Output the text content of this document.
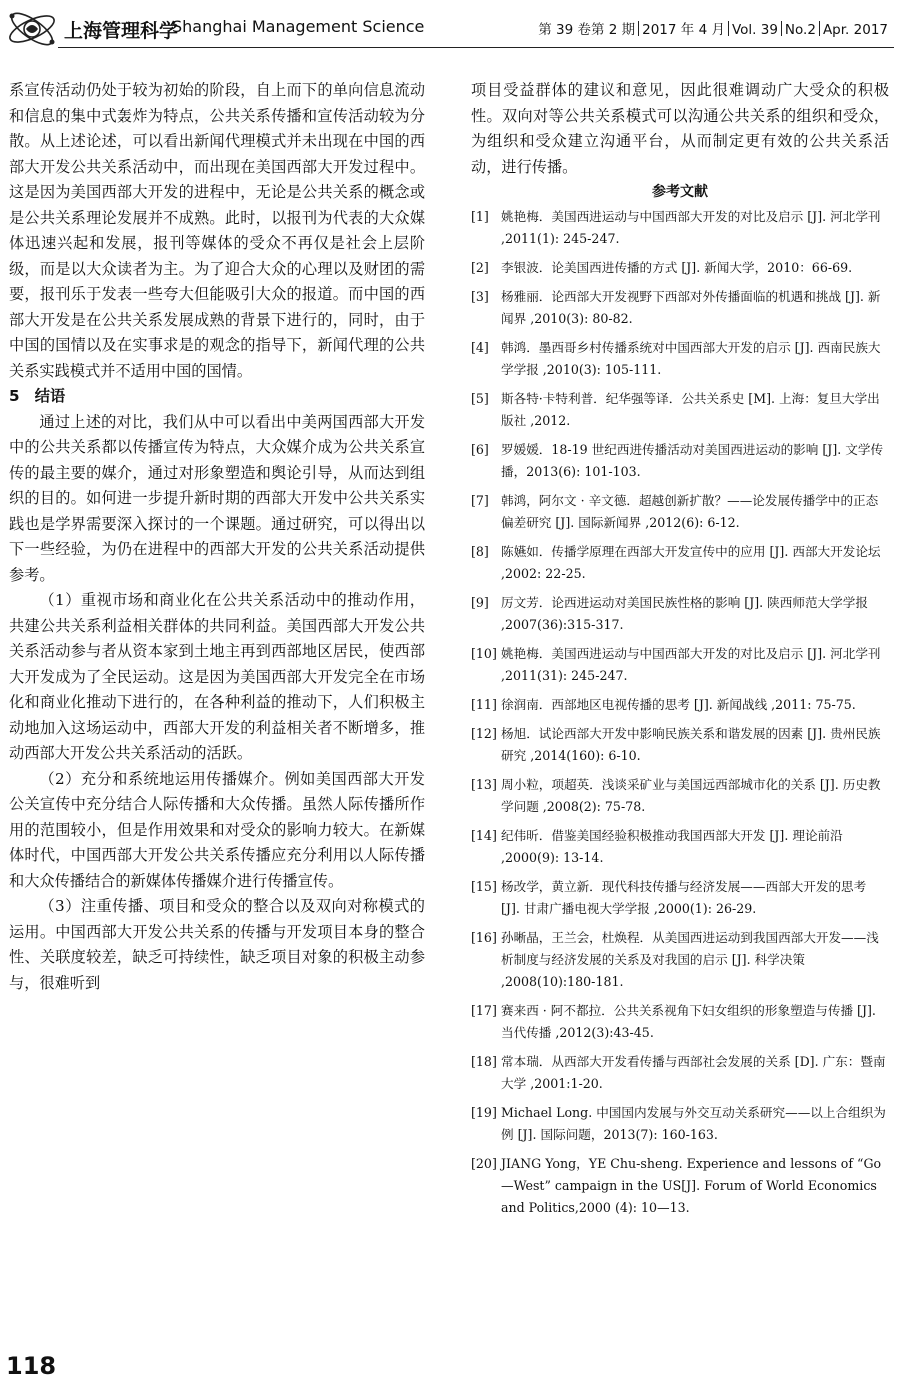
上海管理科学
Shanghai Management Science	第 39 卷第 2 期 2017 年 4 月 Vol. 39 No.2 Apr. 2017

系宣传活动仍处于较为初始的阶段，自上而下的单向信息流动和信息的集中式轰炸为特点，公共关系传播和宣传活动较为分散。从上述论述，可以看出新闻代理模式并未出现在中国的西部大开发公共关系活动中，而出现在美国西部大开发过程中。这是因为美国西部大开发的进程中，无论是公共关系的概念或是公共关系理论发展并不成熟。此时，以报刊为代表的大众媒体迅速兴起和发展，报刊等媒体的受众不再仅是社会上层阶级，而是以大众读者为主。为了迎合大众的心理以及财团的需要，报刊乐于发表一些夸大但能吸引大众的报道。而中国的西部大开发是在公共关系发展成熟的背景下进行的，同时，由于中国的国情以及在实事求是的观念的指导下，新闻代理的公共关系实践模式并不适用中国的国情。

5　结语

通过上述的对比，我们从中可以看出中美两国西部大开发中的公共关系都以传播宣传为特点，大众媒介成为公共关系宣传的最主要的媒介，通过对形象塑造和舆论引导，从而达到组织的目的。如何进一步提升新时期的西部大开发中公共关系实践也是学界需要深入探讨的一个课题。通过研究，可以得出以下一些经验，为仍在进程中的西部大开发的公共关系活动提供参考。

（1）重视市场和商业化在公共关系活动中的推动作用，共建公共关系利益相关群体的共同利益。美国西部大开发公共关系活动参与者从资本家到土地主再到西部地区居民，使西部大开发成为了全民运动。这是因为美国西部大开发完全在市场化和商业化推动下进行的，在各种利益的推动下，人们积极主动地加入这场运动中，西部大开发的利益相关者不断增多，推动西部大开发公共关系活动的活跃。

（2）充分和系统地运用传播媒介。例如美国西部大开发公关宣传中充分结合人际传播和大众传播。虽然人际传播所作用的范围较小，但是作用效果和对受众的影响力较大。在新媒体时代，中国西部大开发公共关系传播应充分利用以人际传播和大众传播结合的新媒体传播媒介进行传播宣传。

（3）注重传播、项目和受众的整合以及双向对称模式的运用。中国西部大开发公共关系的传播与开发项目本身的整合性、关联度较差，缺乏可持续性，缺乏项目对象的积极主动参与，很难听到

项目受益群体的建议和意见，因此很难调动广大受众的积极性。双向对等公共关系模式可以沟通公共关系的组织和受众，为组织和受众建立沟通平台，从而制定更有效的公共关系活动，进行传播。

参考文献
[1] 姚艳梅．美国西进运动与中国西部大开发的对比及启示 [J]. 河北学刊 ,2011(1): 245-247.
[2] 李银波．论美国西进传播的方式 [J]. 新闻大学，2010：66-69.
[3] 杨雅丽．论西部大开发视野下西部对外传播面临的机遇和挑战 [J]. 新闻界 ,2010(3): 80-82.
[4] 韩鸿．墨西哥乡村传播系统对中国西部大开发的启示 [J]. 西南民族大学学报 ,2010(3): 105-111.
[5] 斯各特·卡特利普．纪华强等译．公共关系史 [M]. 上海：复旦大学出版社 ,2012.
[6] 罗媛媛．18-19 世纪西进传播活动对美国西进运动的影响 [J]. 文学传播，2013(6): 101-103.
[7] 韩鸿，阿尔文 · 辛文德．超越创新扩散？——论发展传播学中的正态偏差研究 [J]. 国际新闻界 ,2012(6): 6-12.
[8] 陈嬿如．传播学原理在西部大开发宣传中的应用 [J]. 西部大开发论坛 ,2002: 22-25.
[9] 厉文芳．论西进运动对美国民族性格的影响 [J]. 陕西师范大学学报 ,2007(36):315-317.
[10] 姚艳梅．美国西进运动与中国西部大开发的对比及启示 [J]. 河北学刊 ,2011(31): 245-247.
[11] 徐润南．西部地区电视传播的思考 [J]. 新闻战线 ,2011: 75-75.
[12] 杨旭．试论西部大开发中影响民族关系和谐发展的因素 [J]. 贵州民族研究 ,2014(160): 6-10.
[13] 周小粒，项超英．浅谈采矿业与美国远西部城市化的关系 [J]. 历史教学问题 ,2008(2): 75-78.
[14] 纪伟昕．借鉴美国经验积极推动我国西部大开发 [J]. 理论前沿 ,2000(9): 13-14.
[15] 杨改学，黄立新．现代科技传播与经济发展——西部大开发的思考 [J]. 甘肃广播电视大学学报 ,2000(1): 26-29.
[16] 孙晰晶，王兰会，杜焕程．从美国西进运动到我国西部大开发——浅析制度与经济发展的关系及对我国的启示 [J]. 科学决策 ,2008(10):180-181.
[17] 赛来西 · 阿不都拉．公共关系视角下妇女组织的形象塑造与传播 [J]. 当代传播 ,2012(3):43-45.
[18] 常本瑞．从西部大开发看传播与西部社会发展的关系 [D]. 广东：暨南大学 ,2001:1-20.
[19] Michael Long. 中国国内发展与外交互动关系研究——以上合组织为例 [J]. 国际问题，2013(7): 160-163.
[20] JIANG Yong，YE Chu-sheng. Experience and lessons of “Go—West” campaign in the US[J]. Forum of World Economics and Politics,2000 (4): 10—13.
118
